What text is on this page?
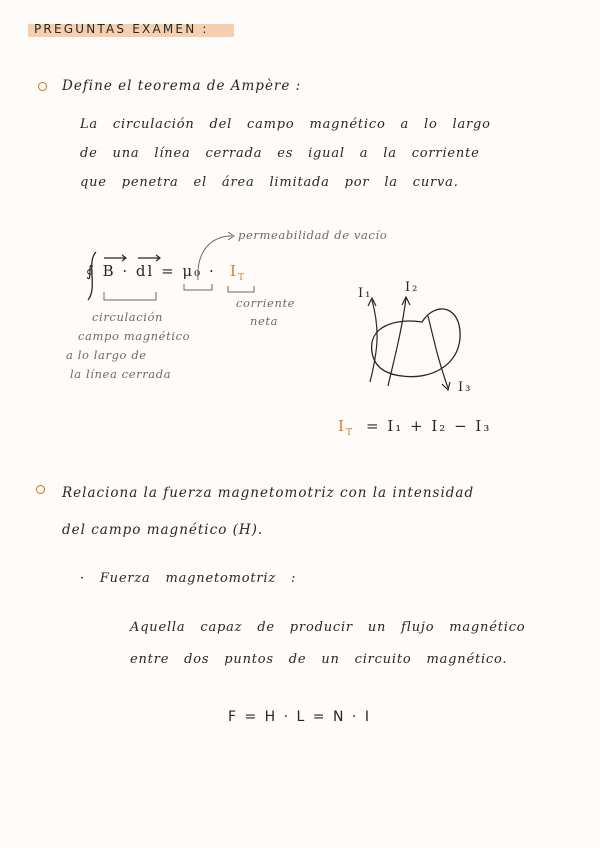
PREGUNTAS EXAMEN :
Define el teorema de Ampère :
La circulación del campo magnético a lo largo
de una línea cerrada es igual a la corriente
que penetra el área limitada por la curva.
permeabilidad de vacío
∮ B · dl = $\mu_0 \cdot I_T$
corriente
neta
circulación
campo magnético
a lo largo de
la línea cerrada
I₁	I₂
I₃
$I_T = I_1 + I_2 - I_3$
Relaciona la fuerza magnetomotriz con la intensidad
del campo magnético (H).
· Fuerza magnetomotriz :
Aquella capaz de producir un flujo magnético
entre dos puntos de un circuito magnético.
F = H · L = N · I
